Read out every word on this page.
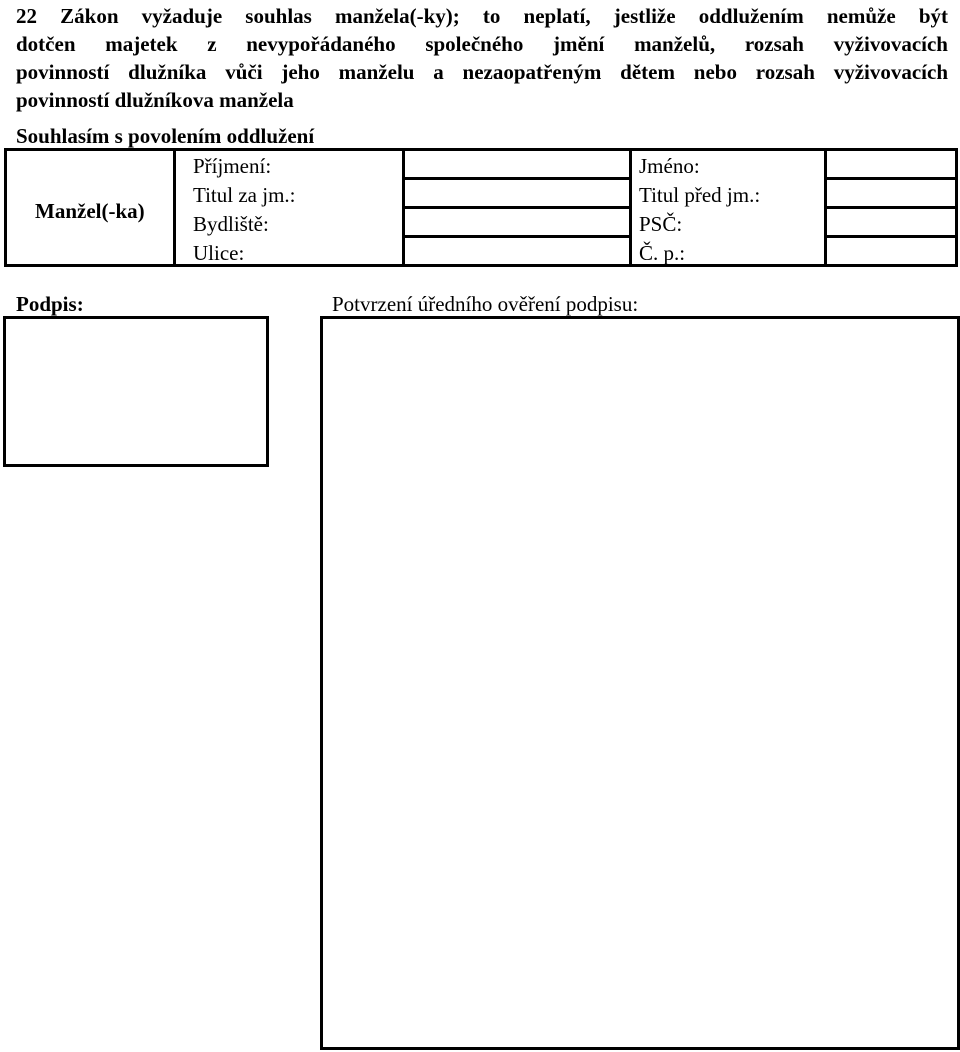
22 Zákon vyžaduje souhlas manžela(-ky); to neplatí, jestliže oddlužením nemůže být
dotčen majetek z nevypořádaného společného jmění manželů, rozsah vyživovacích
povinností dlužníka vůči jeho manželu a nezaopatřeným dětem nebo rozsah vyživovacích
povinností dlužníkova manžela
Souhlasím s povolením oddlužení
Manžel(-ka)
Příjmení:	Jméno:
Titul za jm.:	Titul před jm.:
Bydliště:	PSČ:
Ulice:	Č. p.:
Podpis:	Potvrzení úředního ověření podpisu:
